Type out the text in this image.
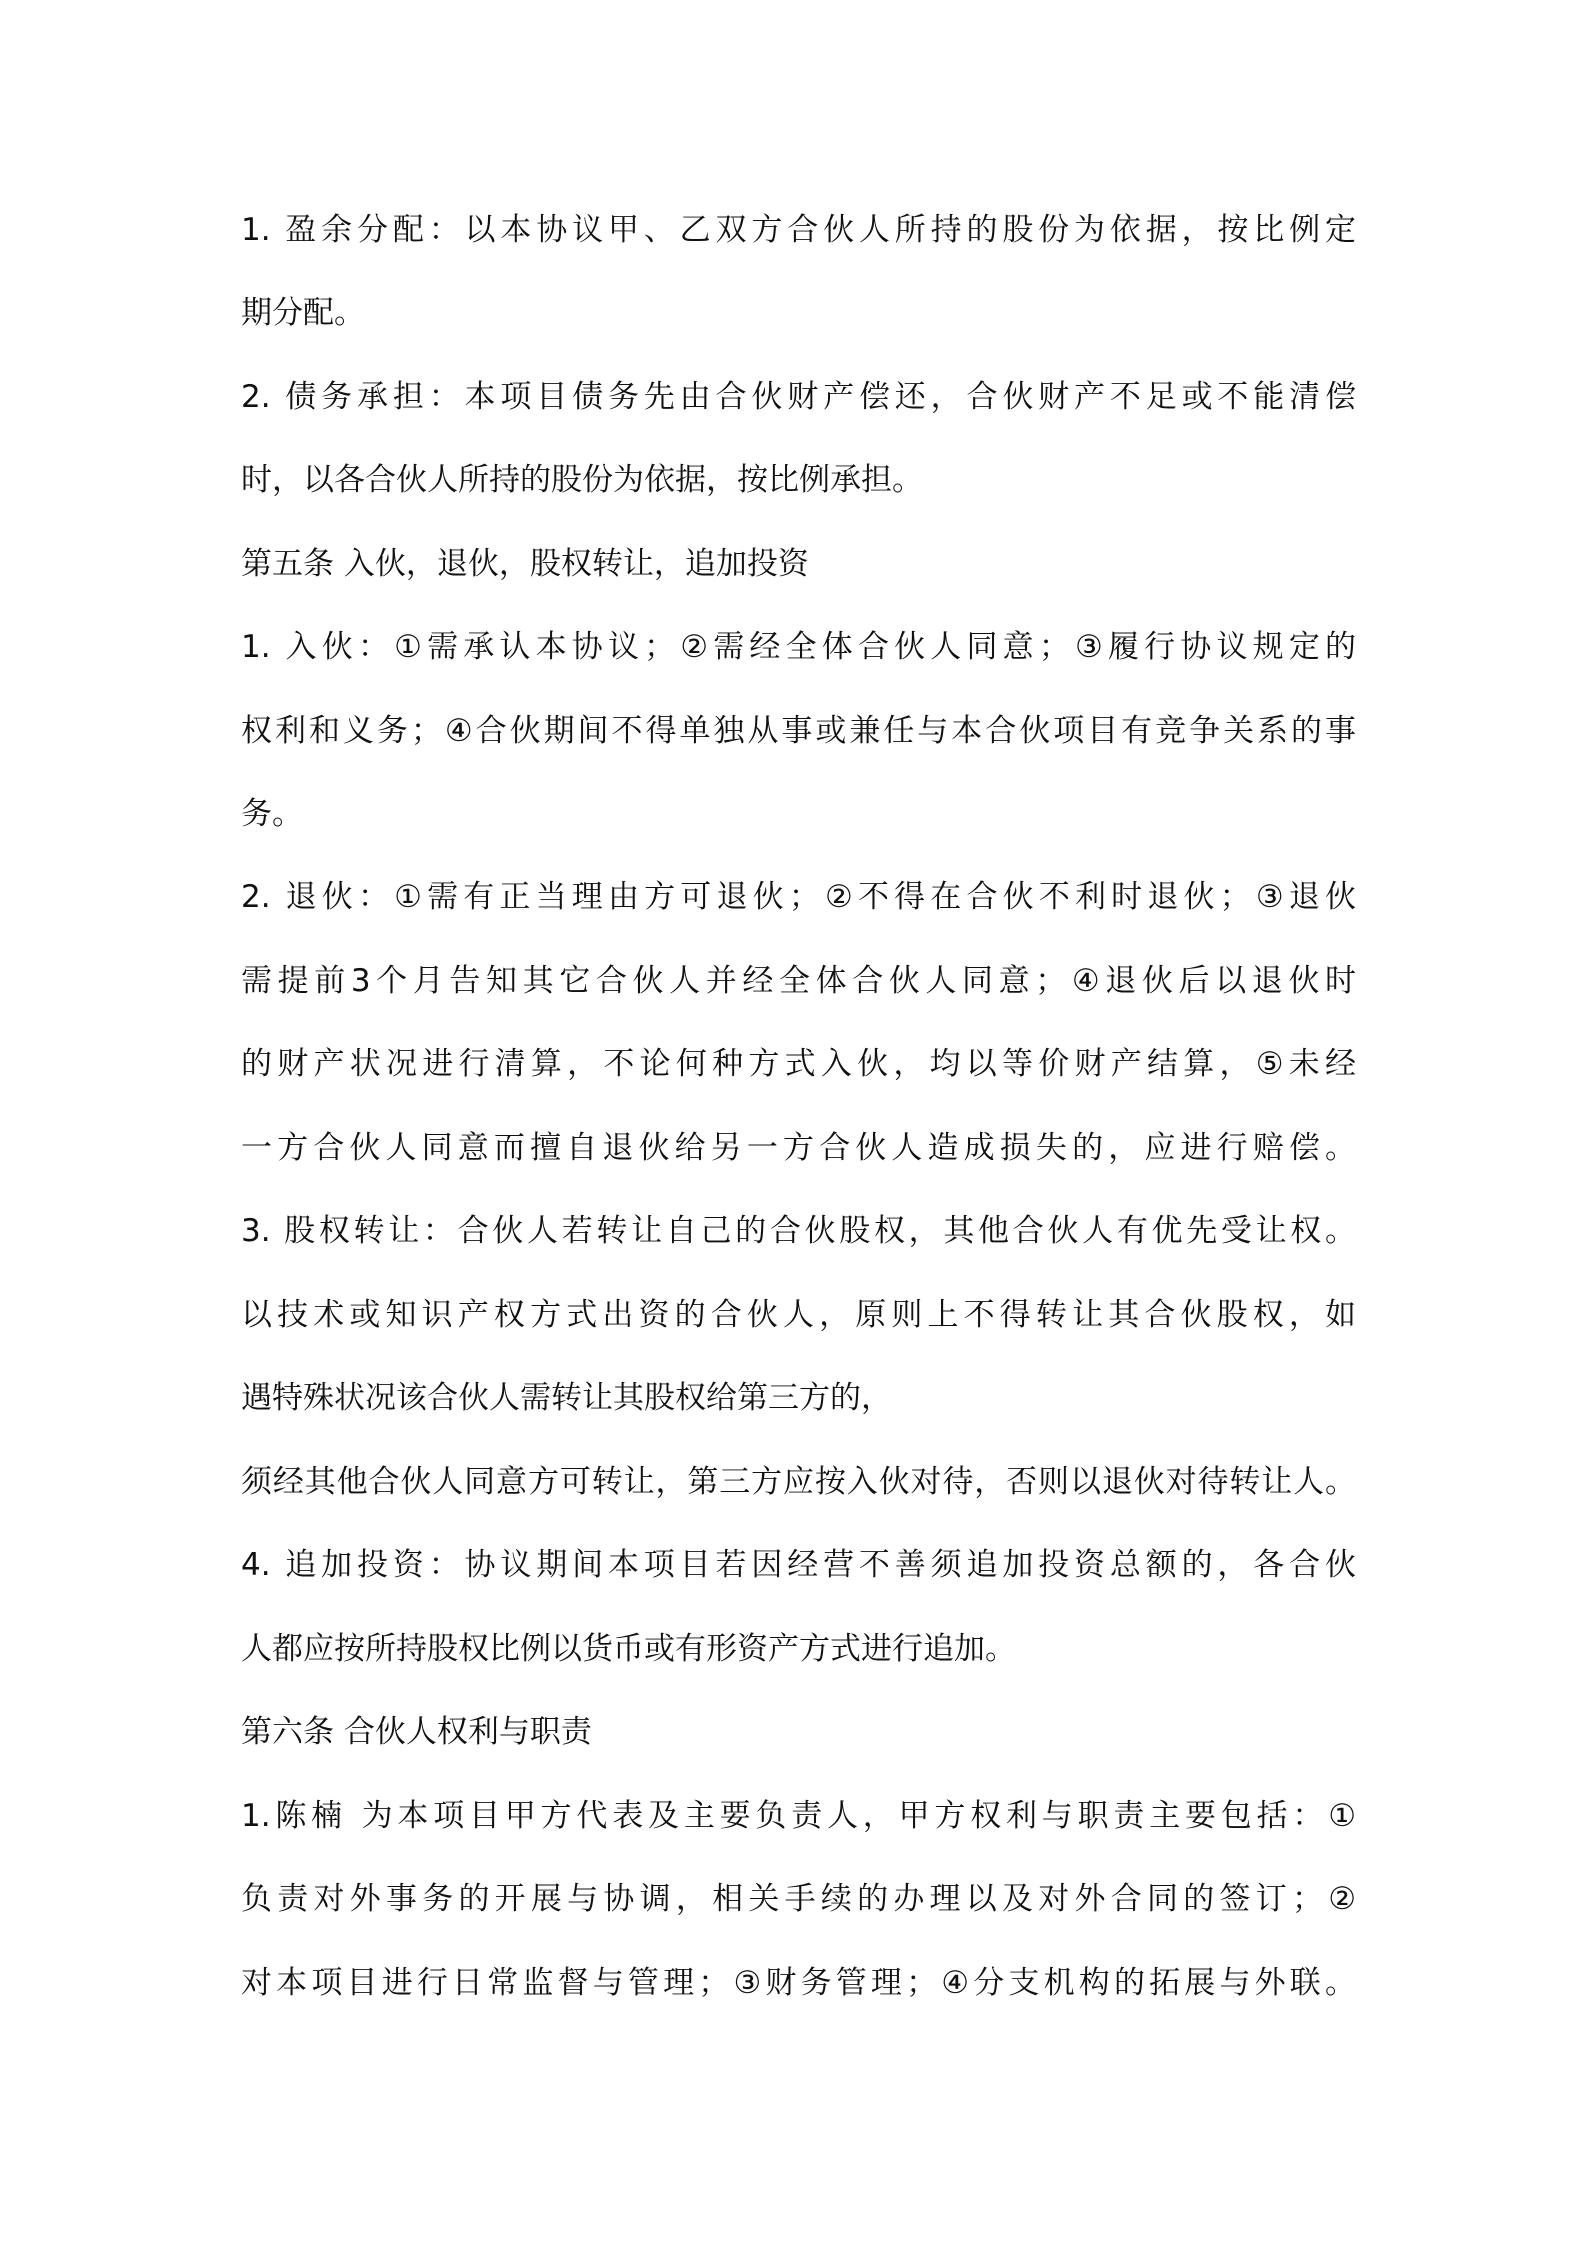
1. 盈余分配：以本协议甲、乙双方合伙人所持的股份为依据，按比例定
期分配。
2. 债务承担：本项目债务先由合伙财产偿还，合伙财产不足或不能清偿
时，以各合伙人所持的股份为依据，按比例承担。
第五条 入伙，退伙，股权转让，追加投资
1. 入伙：①需承认本协议；②需经全体合伙人同意；③履行协议规定的
权利和义务；④合伙期间不得单独从事或兼任与本合伙项目有竞争关系的事
务。
2. 退伙：①需有正当理由方可退伙；②不得在合伙不利时退伙；③退伙
需提前3个月告知其它合伙人并经全体合伙人同意；④退伙后以退伙时
的财产状况进行清算，不论何种方式入伙，均以等价财产结算，⑤未经
一方合伙人同意而擅自退伙给另一方合伙人造成损失的，应进行赔偿。
3. 股权转让：合伙人若转让自己的合伙股权，其他合伙人有优先受让权。
以技术或知识产权方式出资的合伙人，原则上不得转让其合伙股权，如
遇特殊状况该合伙人需转让其股权给第三方的，
须经其他合伙人同意方可转让，第三方应按入伙对待，否则以退伙对待转让人。
4. 追加投资：协议期间本项目若因经营不善须追加投资总额的，各合伙
人都应按所持股权比例以货币或有形资产方式进行追加。
第六条 合伙人权利与职责
1.陈楠 为本项目甲方代表及主要负责人，甲方权利与职责主要包括：①
负责对外事务的开展与协调，相关手续的办理以及对外合同的签订；②
对本项目进行日常监督与管理；③财务管理；④分支机构的拓展与外联。
